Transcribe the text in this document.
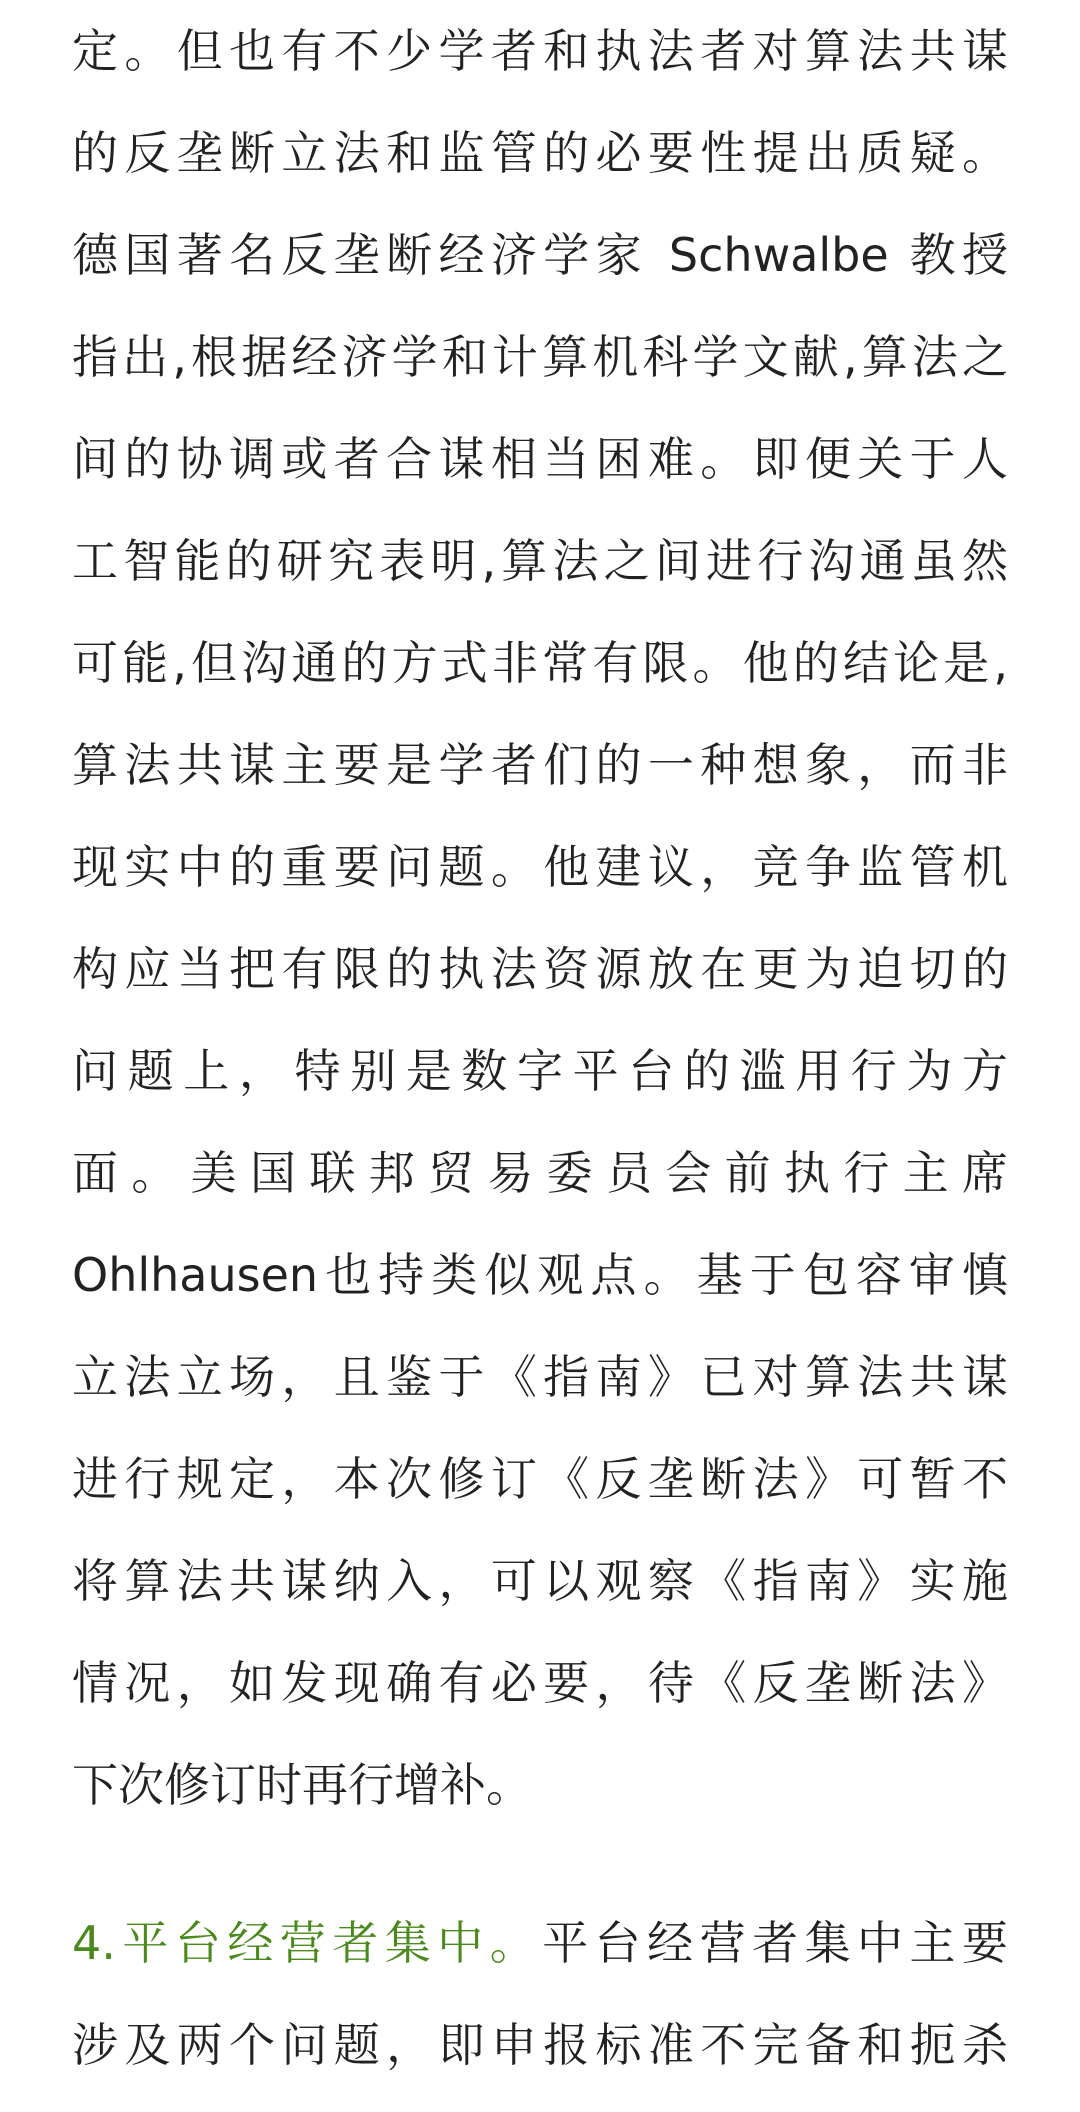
定。但也有不少学者和执法者对算法共谋
的反垄断立法和监管的必要性提出质疑。
德国著名反垄断经济学家 Schwalbe 教授
指出,根据经济学和计算机科学文献,算法之
间的协调或者合谋相当困难。即便关于人
工智能的研究表明,算法之间进行沟通虽然
可能,但沟通的方式非常有限。他的结论是,
算法共谋主要是学者们的一种想象，而非
现实中的重要问题。他建议，竞争监管机
构应当把有限的执法资源放在更为迫切的
问题上，特别是数字平台的滥用行为方
面。美国联邦贸易委员会前执行主席
Ohlhausen也持类似观点。基于包容审慎
立法立场，且鉴于《指南》已对算法共谋
进行规定，本次修订《反垄断法》可暂不
将算法共谋纳入，可以观察《指南》实施
情况，如发现确有必要，待《反垄断法》
下次修订时再行增补。
4.平台经营者集中。平台经营者集中主要
涉及两个问题，即申报标准不完备和扼杀
